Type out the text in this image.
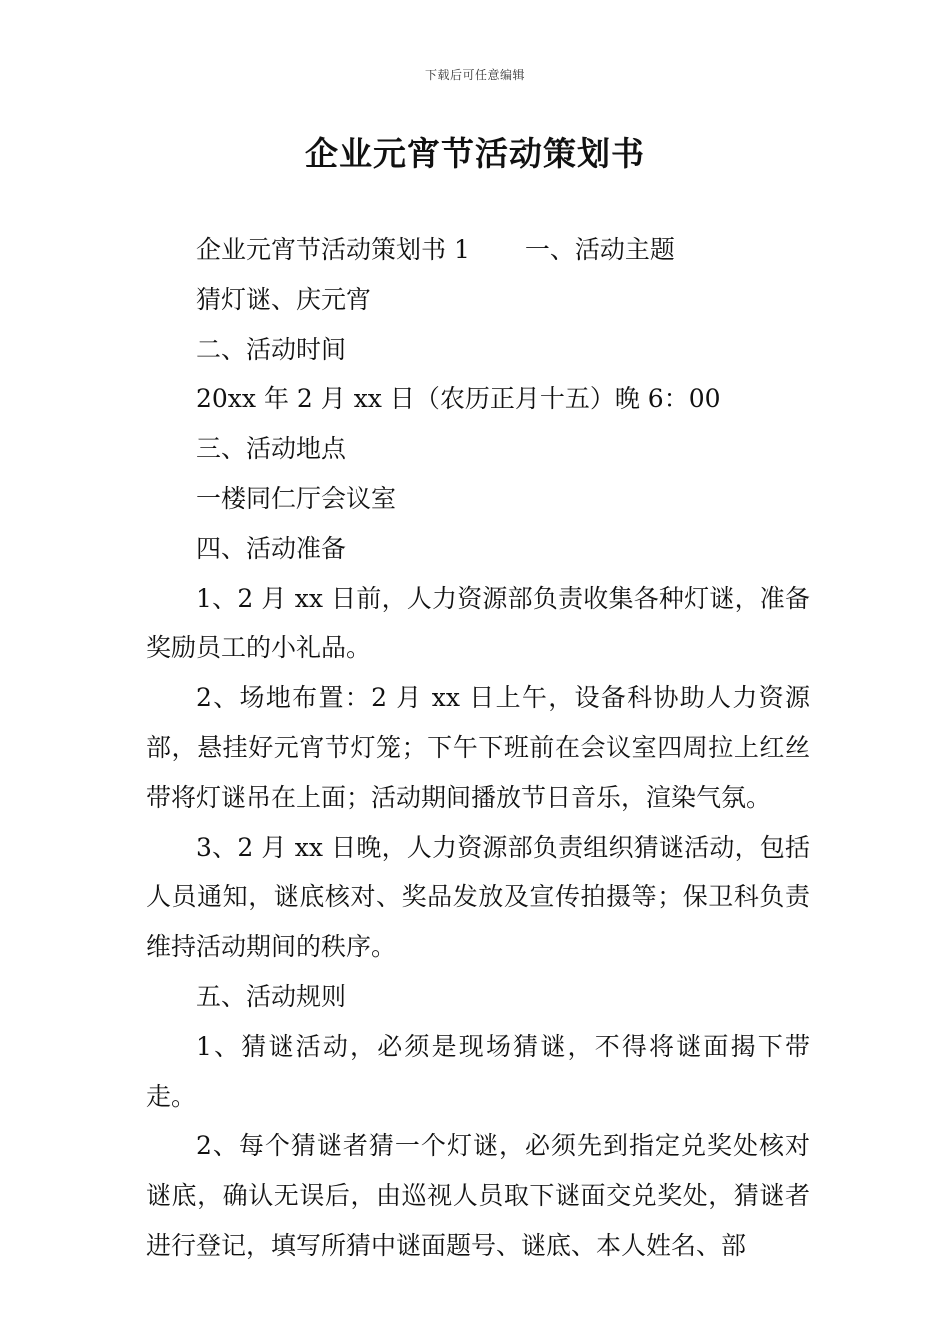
下载后可任意编辑
企业元宵节活动策划书

企业元宵节活动策划书 1 一、活动主题

猜灯谜、庆元宵

二、活动时间

20xx 年 2 月 xx 日（农历正月十五）晚 6：00

三、活动地点

一楼同仁厅会议室

四、活动准备

1、2 月 xx 日前，人力资源部负责收集各种灯谜，准备奖励员工的小礼品。

2、场地布置：2 月 xx 日上午，设备科协助人力资源部，悬挂好元宵节灯笼；下午下班前在会议室四周拉上红丝带将灯谜吊在上面；活动期间播放节日音乐，渲染气氛。

3、2 月 xx 日晚，人力资源部负责组织猜谜活动，包括人员通知，谜底核对、奖品发放及宣传拍摄等；保卫科负责维持活动期间的秩序。

五、活动规则

1、猜谜活动，必须是现场猜谜，不得将谜面揭下带走。

2、每个猜谜者猜一个灯谜，必须先到指定兑奖处核对谜底，确认无误后，由巡视人员取下谜面交兑奖处，猜谜者进行登记，填写所猜中谜面题号、谜底、本人姓名、部
